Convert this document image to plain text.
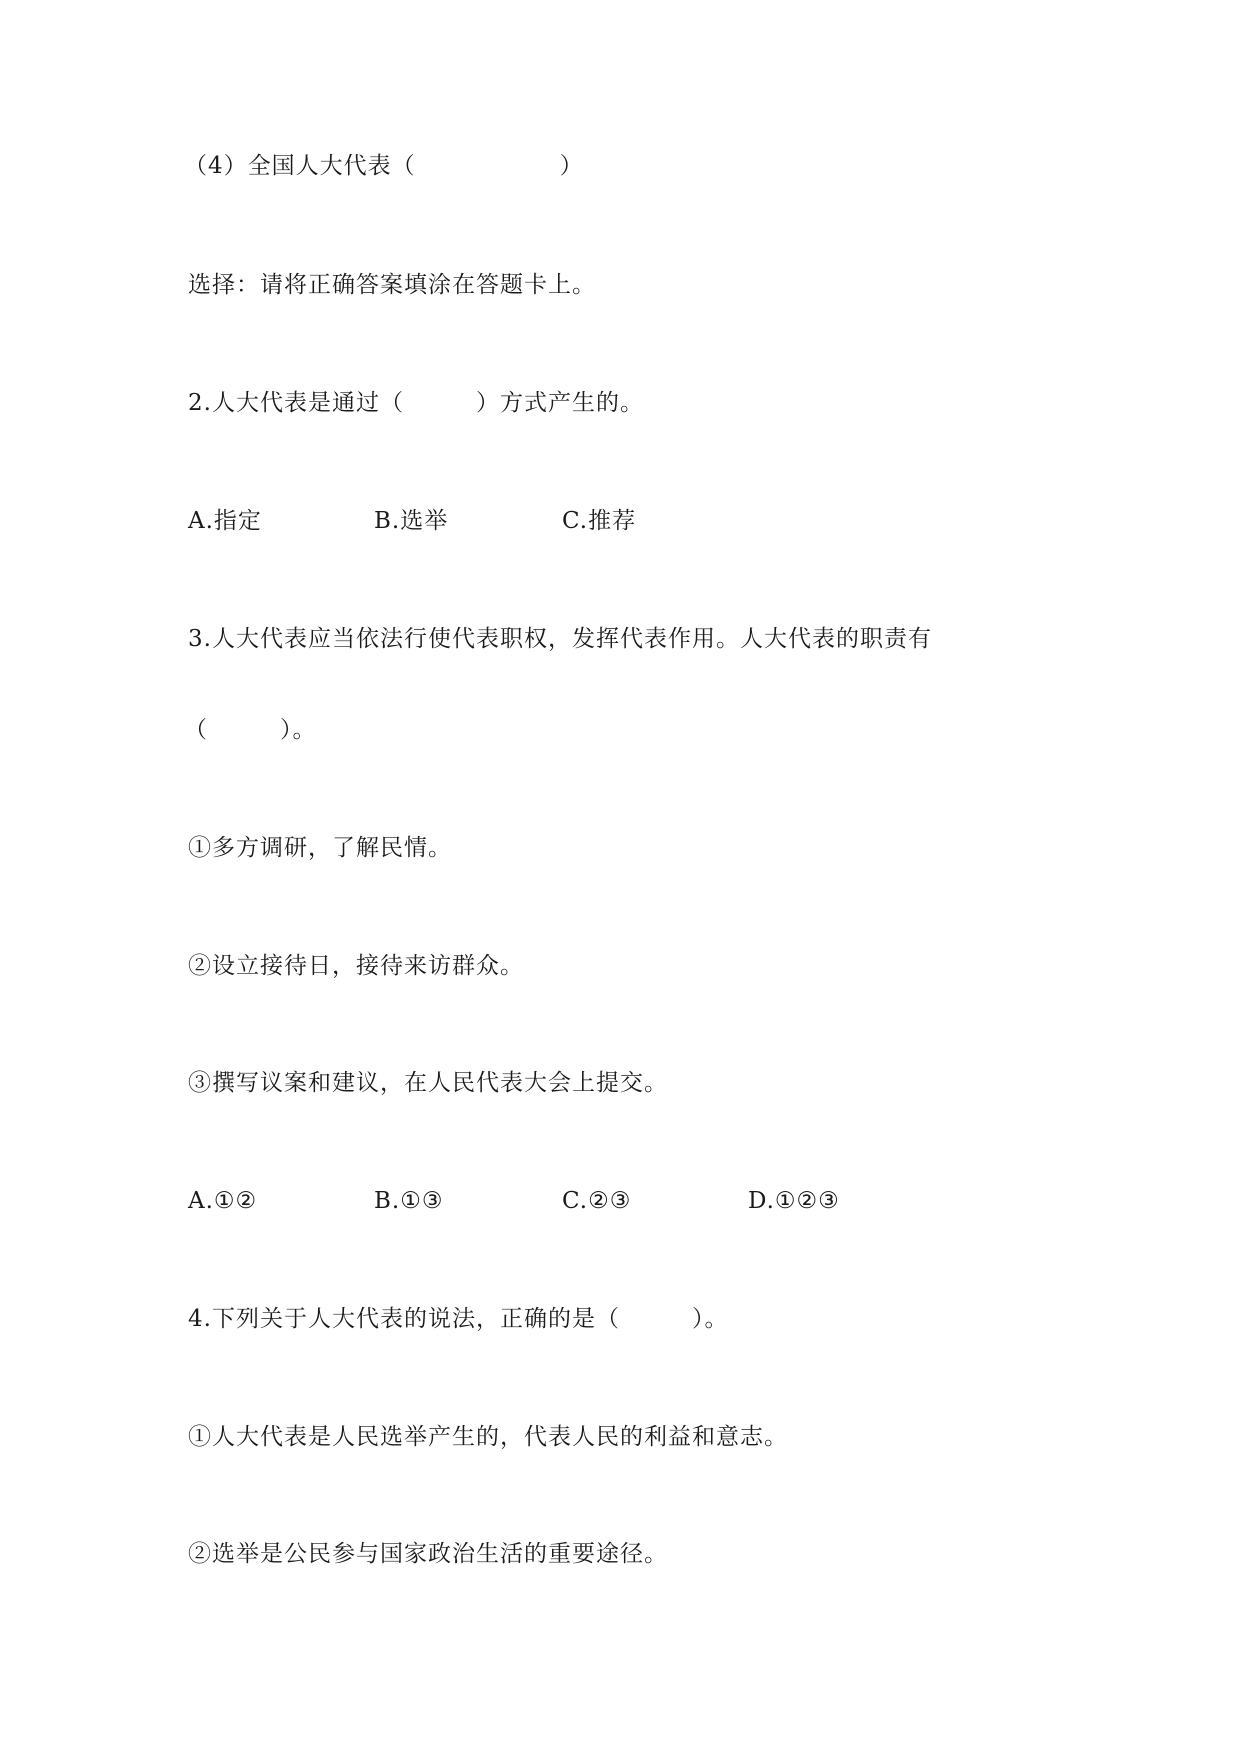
（4）全国人大代表（　　　　　　）
选择：请将正确答案填涂在答题卡上。
2.人大代表是通过（　　　）方式产生的。
A.指定	B.选举	C.推荐
3.人大代表应当依法行使代表职权，发挥代表作用。人大代表的职责有
（　　　）。
①多方调研，了解民情。
②设立接待日，接待来访群众。
③撰写议案和建议，在人民代表大会上提交。
A.①②	B.①③	C.②③	D.①②③
4.下列关于人大代表的说法，正确的是（　　　）。
①人大代表是人民选举产生的，代表人民的利益和意志。
②选举是公民参与国家政治生活的重要途径。
